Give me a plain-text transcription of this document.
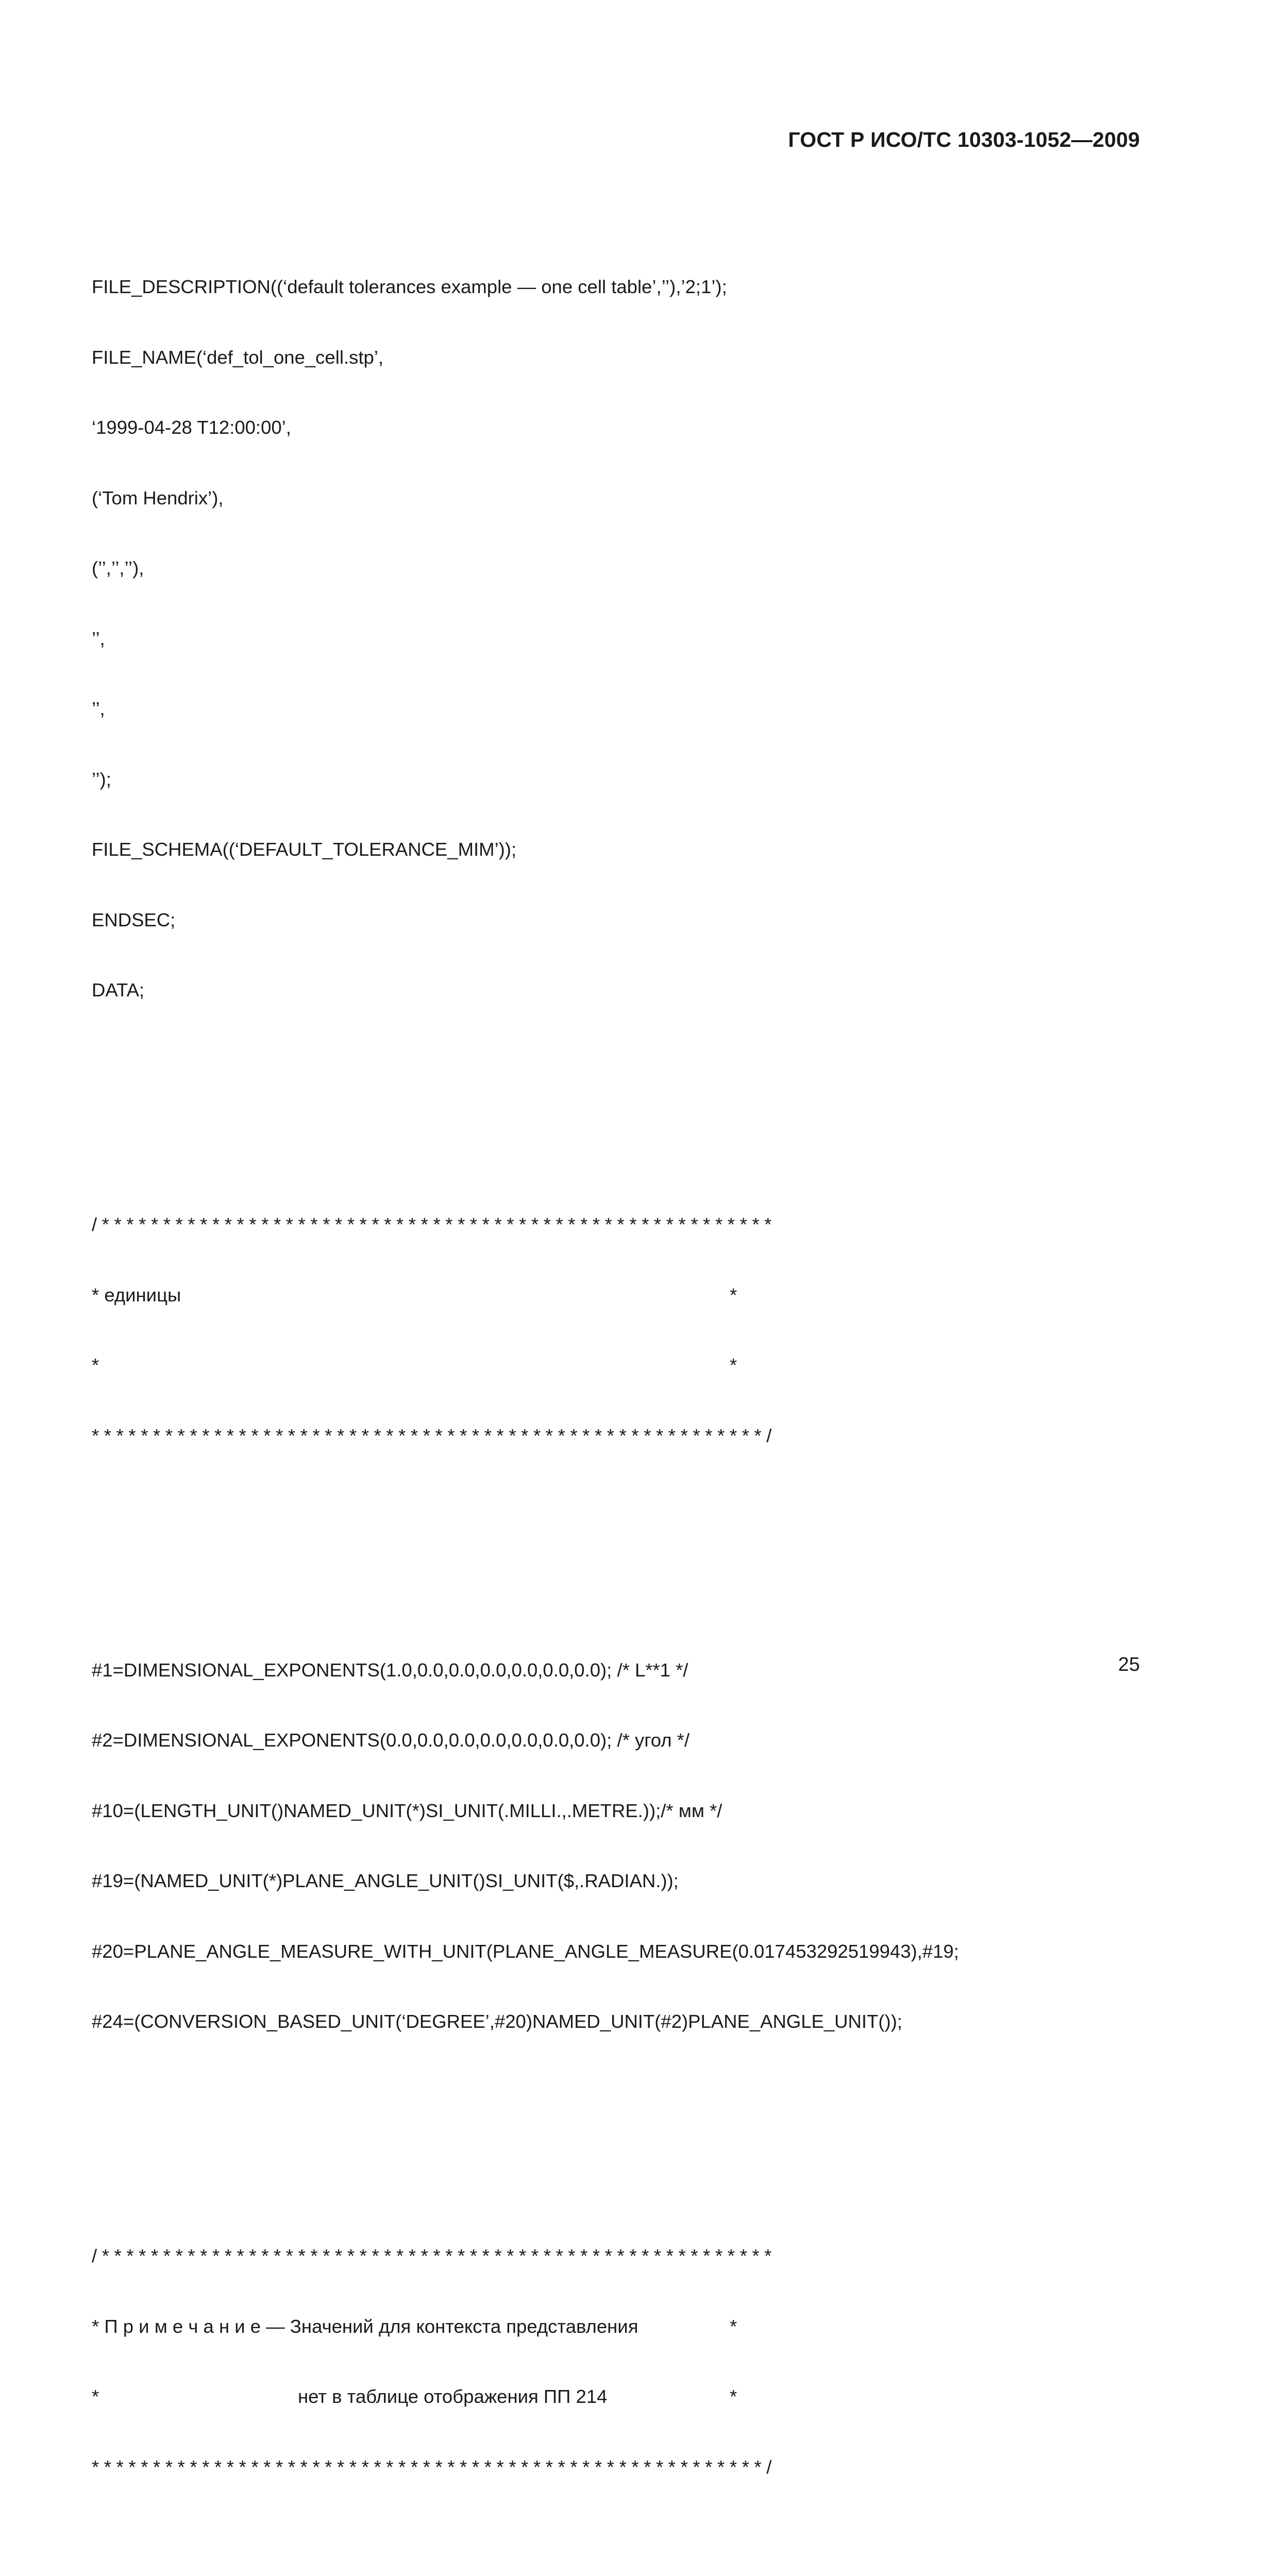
ГОСТ Р ИСО/ТС 10303-1052—2009

FILE_DESCRIPTION((‘default tolerances example — one cell table’,’’),’2;1’);

FILE_NAME(‘def_tol_one_cell.stp’,

‘1999-04-28 T12:00:00’,

(‘Tom Hendrix’),

(’’,’’,’’),

’’,

’’,

’’);

FILE_SCHEMA((‘DEFAULT_TOLERANCE_MIM’));

ENDSEC;

DATA;

/*******************************************************

* единицы

	*

*

	*

*******************************************************/

#1=DIMENSIONAL_EXPONENTS(1.0,0.0,0.0,0.0,0.0,0.0,0.0); /* L**1 */

#2=DIMENSIONAL_EXPONENTS(0.0,0.0,0.0,0.0,0.0,0.0,0.0); /* угол */

#10=(LENGTH_UNIT()NAMED_UNIT(*)SI_UNIT(.MILLI.,.METRE.));/* мм */

#19=(NAMED_UNIT(*)PLANE_ANGLE_UNIT()SI_UNIT($,.RADIAN.));

#20=PLANE_ANGLE_MEASURE_WITH_UNIT(PLANE_ANGLE_MEASURE(0.017453292519943),#19;

#24=(CONVERSION_BASED_UNIT(‘DEGREE’,#20)NAMED_UNIT(#2)PLANE_ANGLE_UNIT());

/*******************************************************

* П р и м е ч а н и е — Значений для контекста представления

	*

*

	нет в таблице отображения ПП 214

	*

*******************************************************/

25
